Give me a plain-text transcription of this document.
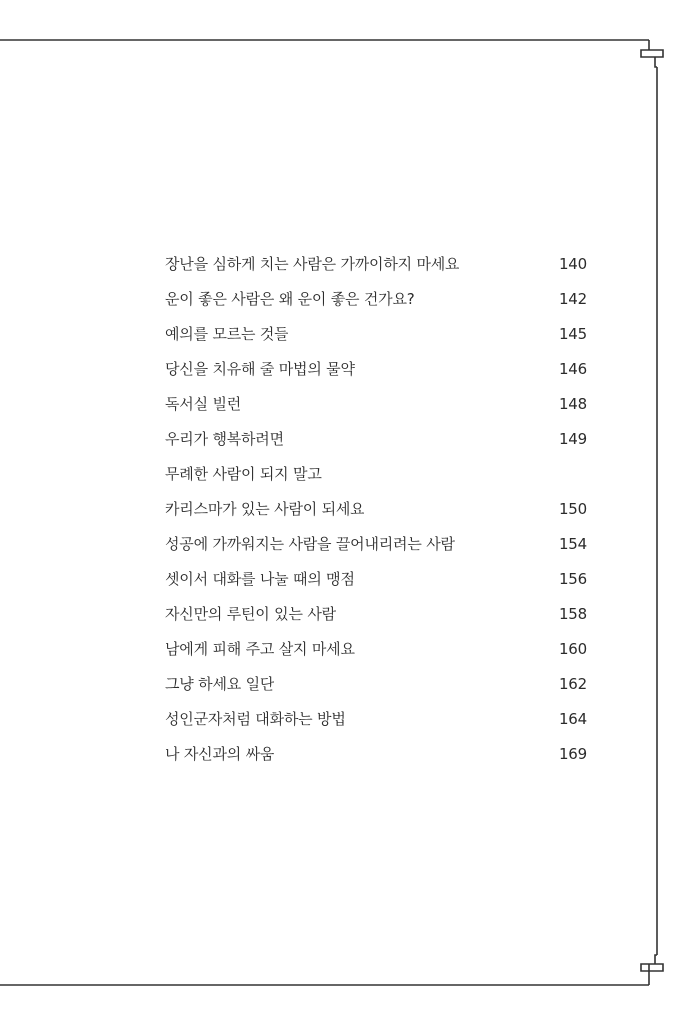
장난을 심하게 치는 사람은 가까이하지 마세요	140
운이 좋은 사람은 왜 운이 좋은 건가요?	142
예의를 모르는 것들	145
당신을 치유해 줄 마법의 물약	146
독서실 빌런	148
우리가 행복하려면	149
무례한 사람이 되지 말고
카리스마가 있는 사람이 되세요	150
성공에 가까워지는 사람을 끌어내리려는 사람	154
셋이서 대화를 나눌 때의 맹점	156
자신만의 루틴이 있는 사람	158
남에게 피해 주고 살지 마세요	160
그냥 하세요 일단	162
성인군자처럼 대화하는 방법	164
나 자신과의 싸움	169
